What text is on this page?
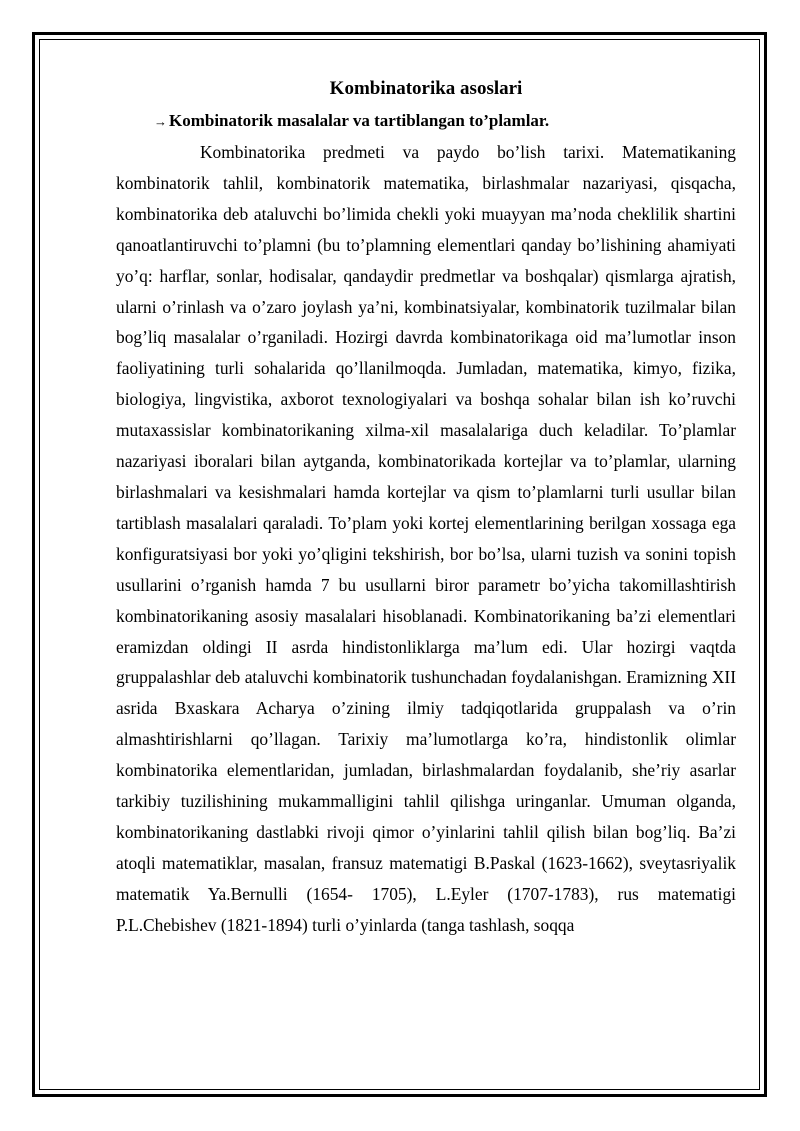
Kombinatorika asoslari
→ Kombinatorik masalalar va tartiblangan to’plamlar.

Kombinatorika predmeti va paydo bo’lish tarixi. Matematikaning kombinatorik tahlil, kombinatorik matematika, birlashmalar nazariyasi, qisqacha, kombinatorika deb ataluvchi bo’limida chekli yoki muayyan ma’noda cheklilik shartini qanoatlantiruvchi to’plamni (bu to’plamning elementlari qanday bo’lishining ahamiyati yo’q: harflar, sonlar, hodisalar, qandaydir predmetlar va boshqalar) qismlarga ajratish, ularni o’rinlash va o’zaro joylash ya’ni, kombinatsiyalar, kombinatorik tuzilmalar bilan bog’liq masalalar o’rganiladi. Hozirgi davrda kombinatorikaga oid ma’lumotlar inson faoliyatining turli sohalarida qo’llanilmoqda. Jumladan, matematika, kimyo, fizika, biologiya, lingvistika, axborot texnologiyalari va boshqa sohalar bilan ish ko’ruvchi mutaxassislar kombinatorikaning xilma-xil masalalariga duch keladilar. To’plamlar nazariyasi iboralari bilan aytganda, kombinatorikada kortejlar va to’plamlar, ularning birlashmalari va kesishmalari hamda kortejlar va qism to’plamlarni turli usullar bilan tartiblash masalalari qaraladi. To’plam yoki kortej elementlarining berilgan xossaga ega konfiguratsiyasi bor yoki yo’qligini tekshirish, bor bo’lsa, ularni tuzish va sonini topish usullarini o’rganish hamda 7 bu usullarni biror parametr bo’yicha takomillashtirish kombinatorikaning asosiy masalalari hisoblanadi. Kombinatorikaning ba’zi elementlari eramizdan oldingi II asrda hindistonliklarga ma’lum edi. Ular hozirgi vaqtda gruppalashlar deb ataluvchi kombinatorik tushunchadan foydalanishgan. Eramizning XII asrida Bxaskara Acharya o’zining ilmiy tadqiqotlarida gruppalash va o’rin almashtirishlarni qo’llagan. Tarixiy ma’lumotlarga ko’ra, hindistonlik olimlar kombinatorika elementlaridan, jumladan, birlashmalardan foydalanib, she’riy asarlar tarkibiy tuzilishining mukammalligini tahlil qilishga uringanlar. Umuman olganda, kombinatorikaning dastlabki rivoji qimor o’yinlarini tahlil qilish bilan bog’liq. Ba’zi atoqli matematiklar, masalan, fransuz matematigi B.Paskal (1623-1662), sveytasriyalik matematik Ya.Bernulli (1654- 1705), L.Eyler (1707-1783), rus matematigi P.L.Chebishev (1821-1894) turli o’yinlarda (tanga tashlash, soqqa
